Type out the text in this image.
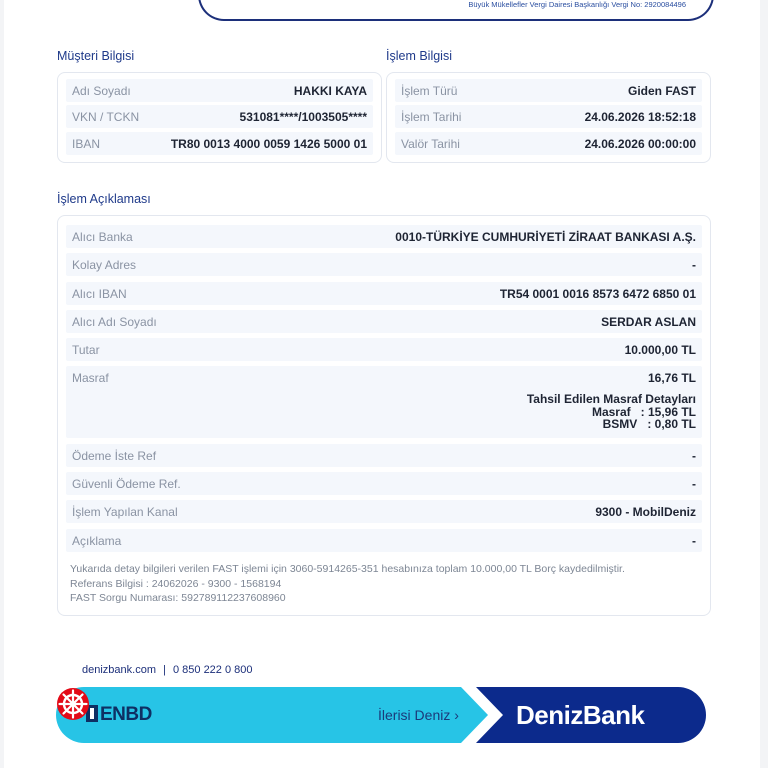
Büyük Mükellefler Vergi Dairesi Başkanlığı Vergi No: 2920084496
Müşteri Bilgisi
Adı Soyadı	HAKKI KAYA
VKN / TCKN	531081****/1003505****
IBAN	TR80 0013 4000 0059 1426 5000 01
İşlem Bilgisi
İşlem Türü	Giden FAST
İşlem Tarihi	24.06.2026 18:52:18
Valör Tarihi	24.06.2026 00:00:00
İşlem Açıklaması
Alıcı Banka	0010-TÜRKİYE CUMHURİYETİ ZİRAAT BANKASI A.Ş.
Kolay Adres	-
Alıcı IBAN	TR54 0001 0016 8573 6472 6850 01
Alıcı Adı Soyadı	SERDAR ASLAN
Tutar	10.000,00 TL
Masraf	16,76 TL
Tahsil Edilen Masraf Detayları
Masraf   : 15,96 TL
BSMV   : 0,80 TL
Ödeme İste Ref	-
Güvenli Ödeme Ref.	-
İşlem Yapılan Kanal	9300 - MobilDeniz
Açıklama	-
Yukarıda detay bilgileri verilen FAST işlemi için 3060-5914265-351 hesabınıza toplam 10.000,00 TL Borç kaydedilmiştir.
Referans Bilgisi : 24062026 - 9300 - 1568194
FAST Sorgu Numarası: 592789112237608960
denizbank.com | 0 850 222 0 800
ENBD	İlerisi Deniz › DenizBank
